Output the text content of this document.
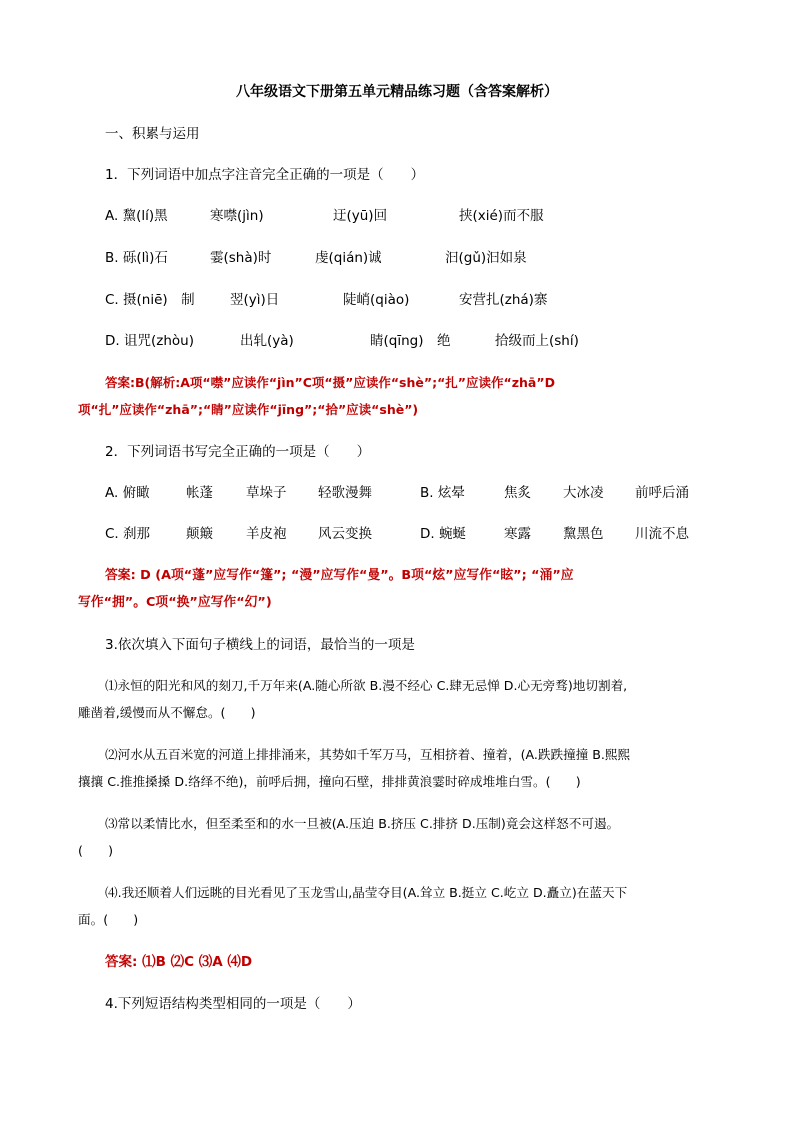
八年级语文下册第五单元精品练习题（含答案解析）
一、积累与运用
1．下列词语中加点字注音完全正确的一项是（　　）
A. 黧(lí)黑	寒噤(jìn)	迂(yū)回	挟(xié)而不服
B. 砾(lì)石	霎(shà)时	虔(qián)诚	汩(gǔ)汩如泉
C. 摄(niē)　制	翌(yì)日	陡峭(qiào)	安营扎(zhá)寨
D. 诅咒(zhòu)	出轧(yà)	睛(qīng)　绝	拾级而上(shí)
答案:B(解析:A项“噤”应读作“jìn”C项“摄”应读作“shè”;“扎”应读作“zhā”D
项“扎”应读作“zhā”;“睛”应读作“jīng”;“拾”应读“shè”)
2．下列词语书写完全正确的一项是（　　）
A. 俯瞰	帐蓬 草垛子 轻歌漫舞	B. 炫晕	焦炙 大冰凌 前呼后涌
C. 刹那	颠簸 羊皮袍 风云变换	D. 蜿蜒	寒露 黧黑色 川流不息
答案: D (A项“蓬”应写作“篷”; “漫”应写作“曼”。B项“炫”应写作“眩”; “涌”应
写作“拥”。C项“换”应写作“幻”)
3.依次填入下面句子横线上的词语，最恰当的一项是
⑴永恒的阳光和风的刻刀,千万年来(A.随心所欲 B.漫不经心 C.肆无忌惮 D.心无旁骛)地切割着,
雕凿着,缓慢而从不懈怠。(　　)
⑵河水从五百米宽的河道上排排涌来，其势如千军万马，互相挤着、撞着，(A.跌跌撞撞 B.熙熙
攘攘 C.推推搡搡 D.络绎不绝)，前呼后拥，撞向石壁，排排黄浪霎时碎成堆堆白雪。(　　)
⑶常以柔情比水，但至柔至和的水一旦被(A.压迫 B.挤压 C.排挤 D.压制)竟会这样怒不可遏。
(　　)
⑷.我还顺着人们远眺的目光看见了玉龙雪山,晶莹夺目(A.耸立 B.挺立 C.屹立 D.矗立)在蓝天下
面。(　　)
答案: ⑴B ⑵C ⑶A ⑷D
4.下列短语结构类型相同的一项是（　　）
